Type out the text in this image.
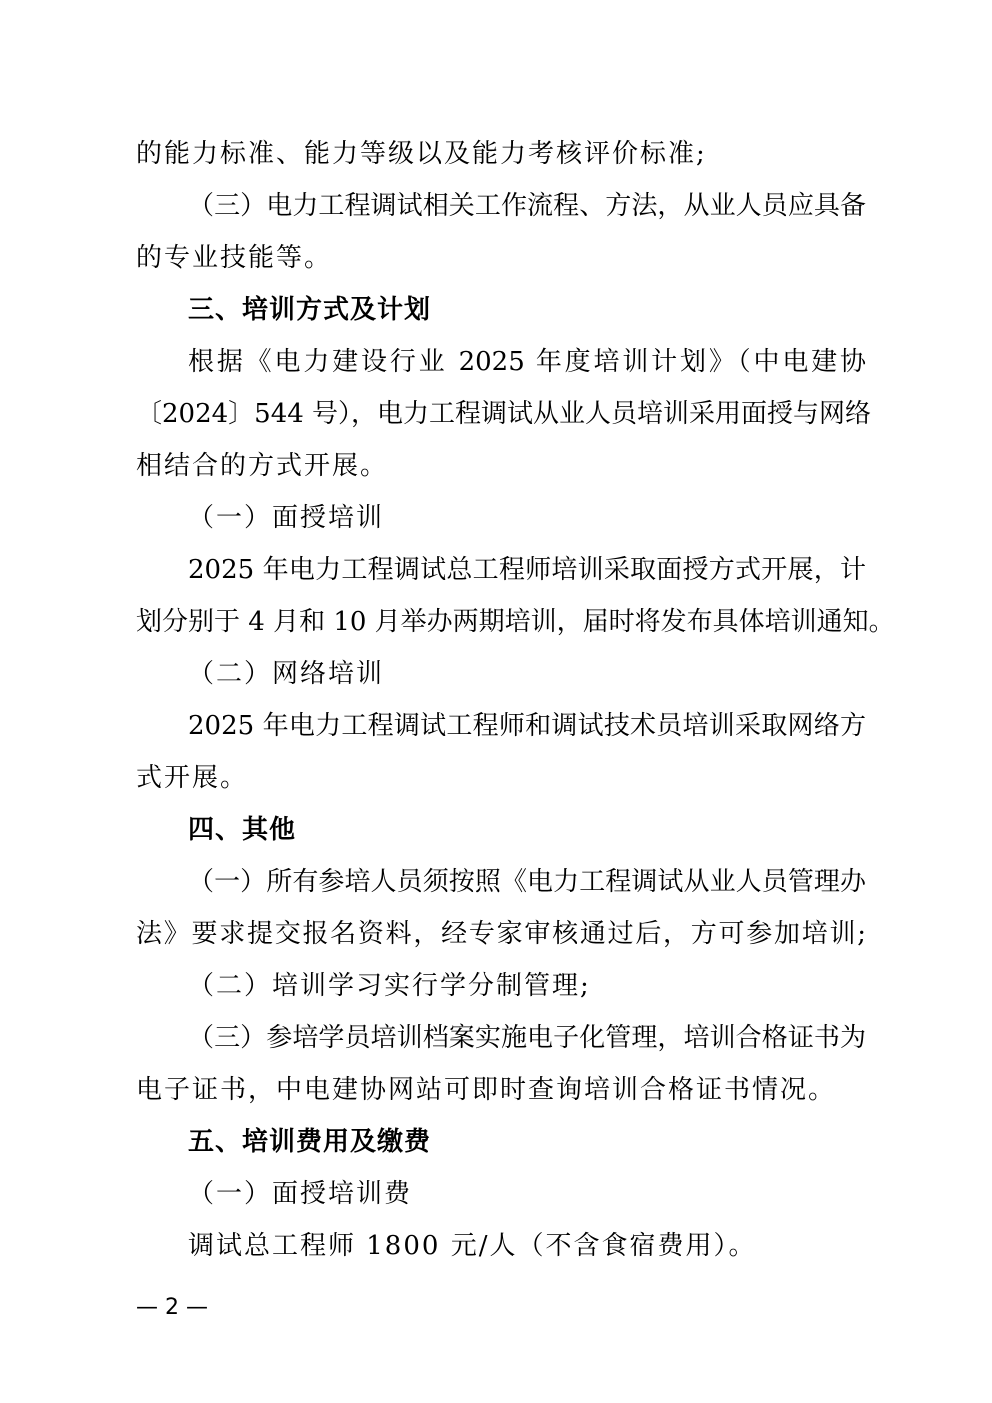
的能力标准、能力等级以及能力考核评价标准;
（三）电力工程调试相关工作流程、方法，从业人员应具备
的专业技能等。
三、培训方式及计划
根据《电力建设行业 2025 年度培训计划》（中电建协
〔2024〕544 号），电力工程调试从业人员培训采用面授与网络
相结合的方式开展。
（一）面授培训
2025 年电力工程调试总工程师培训采取面授方式开展，计
划分别于 4 月和 10 月举办两期培训，届时将发布具体培训通知。
（二）网络培训
2025 年电力工程调试工程师和调试技术员培训采取网络方
式开展。
四、其他
（一）所有参培人员须按照《电力工程调试从业人员管理办
法》要求提交报名资料，经专家审核通过后，方可参加培训;
（二）培训学习实行学分制管理;
（三）参培学员培训档案实施电子化管理，培训合格证书为
电子证书，中电建协网站可即时查询培训合格证书情况。
五、培训费用及缴费
（一）面授培训费
调试总工程师 1800 元/人（不含食宿费用）。
— 2 —
